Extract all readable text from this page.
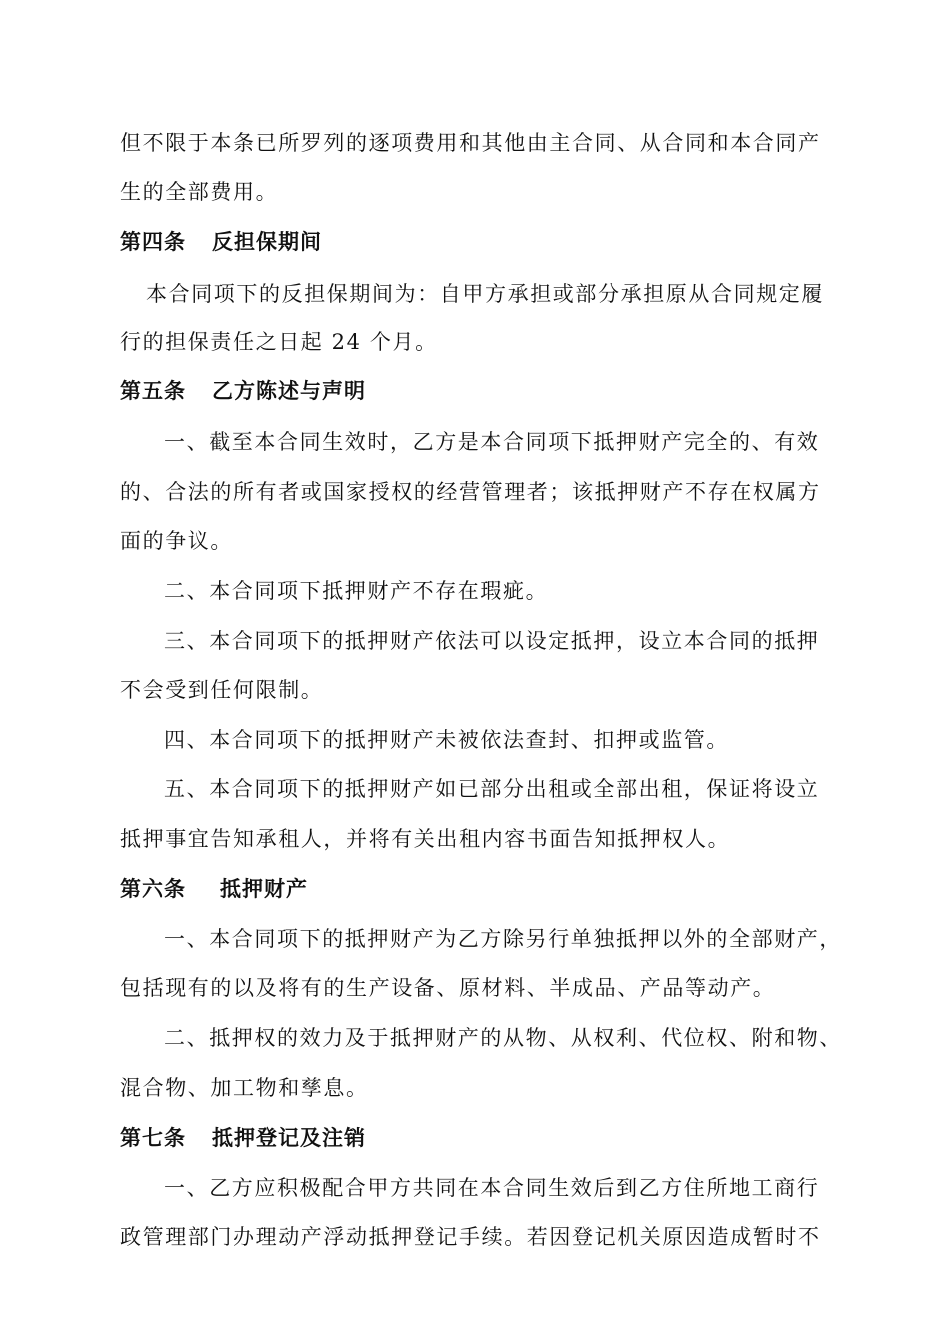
但不限于本条已所罗列的逐项费用和其他由主合同、从合同和本合同产
生的全部费用。
第四条 反担保期间
本合同项下的反担保期间为：自甲方承担或部分承担原从合同规定履
行的担保责任之日起 24 个月。
第五条 乙方陈述与声明
一、截至本合同生效时，乙方是本合同项下抵押财产完全的、有效
的、合法的所有者或国家授权的经营管理者；该抵押财产不存在权属方
面的争议。
二、本合同项下抵押财产不存在瑕疵。
三、本合同项下的抵押财产依法可以设定抵押，设立本合同的抵押
不会受到任何限制。
四、本合同项下的抵押财产未被依法查封、扣押或监管。
五、本合同项下的抵押财产如已部分出租或全部出租，保证将设立
抵押事宜告知承租人，并将有关出租内容书面告知抵押权人。
第六条 抵押财产
一、本合同项下的抵押财产为乙方除另行单独抵押以外的全部财产，
包括现有的以及将有的生产设备、原材料、半成品、产品等动产。
二、抵押权的效力及于抵押财产的从物、从权利、代位权、附和物、
混合物、加工物和孳息。
第七条 抵押登记及注销
一、乙方应积极配合甲方共同在本合同生效后到乙方住所地工商行
政管理部门办理动产浮动抵押登记手续。若因登记机关原因造成暂时不
